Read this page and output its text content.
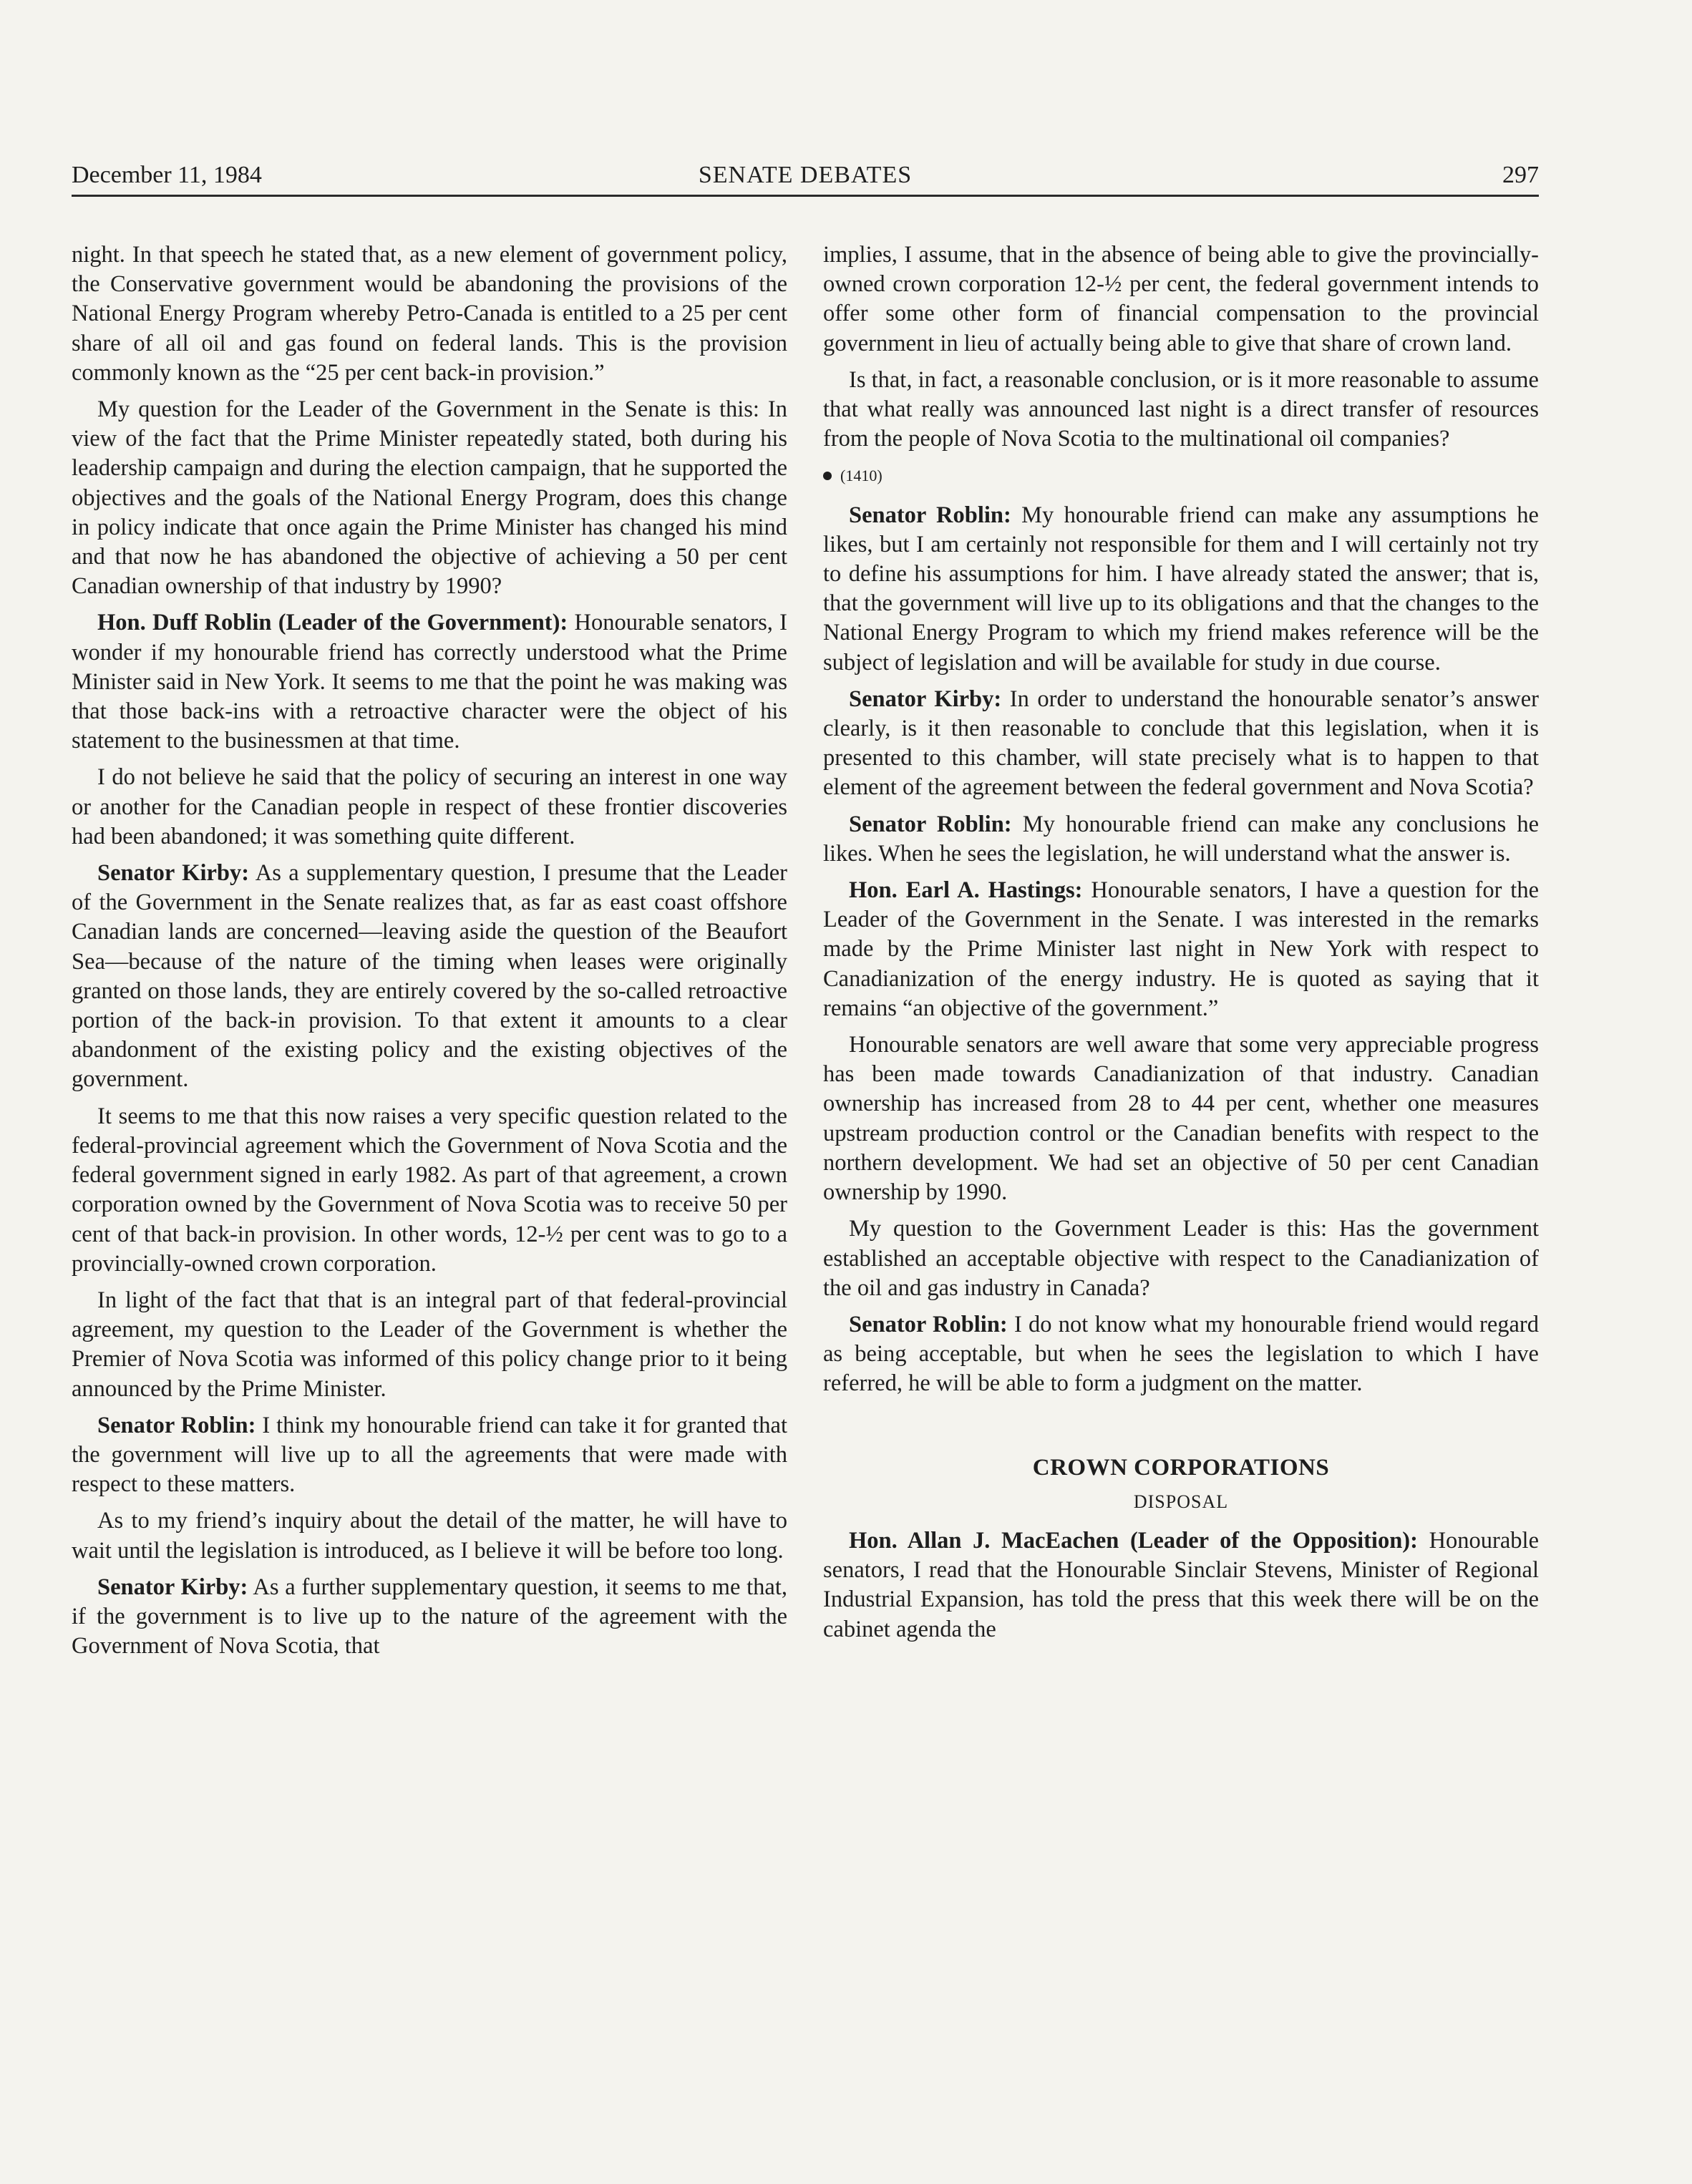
December 11, 1984	SENATE DEBATES	297

night. In that speech he stated that, as a new element of government policy, the Conservative government would be abandoning the provisions of the National Energy Program whereby Petro-Canada is entitled to a 25 per cent share of all oil and gas found on federal lands. This is the provision commonly known as the “25 per cent back-in provision.”

My question for the Leader of the Government in the Senate is this: In view of the fact that the Prime Minister repeatedly stated, both during his leadership campaign and during the election campaign, that he supported the objectives and the goals of the National Energy Program, does this change in policy indicate that once again the Prime Minister has changed his mind and that now he has abandoned the objective of achieving a 50 per cent Canadian ownership of that industry by 1990?

Hon. Duff Roblin (Leader of the Government): Honourable senators, I wonder if my honourable friend has correctly understood what the Prime Minister said in New York. It seems to me that the point he was making was that those back-ins with a retroactive character were the object of his statement to the businessmen at that time.

I do not believe he said that the policy of securing an interest in one way or another for the Canadian people in respect of these frontier discoveries had been abandoned; it was something quite different.

Senator Kirby: As a supplementary question, I presume that the Leader of the Government in the Senate realizes that, as far as east coast offshore Canadian lands are concerned—leaving aside the question of the Beaufort Sea—because of the nature of the timing when leases were originally granted on those lands, they are entirely covered by the so-called retroactive portion of the back-in provision. To that extent it amounts to a clear abandonment of the existing policy and the existing objectives of the government.

It seems to me that this now raises a very specific question related to the federal-provincial agreement which the Government of Nova Scotia and the federal government signed in early 1982. As part of that agreement, a crown corporation owned by the Government of Nova Scotia was to receive 50 per cent of that back-in provision. In other words, 12-½ per cent was to go to a provincially-owned crown corporation.

In light of the fact that that is an integral part of that federal-provincial agreement, my question to the Leader of the Government is whether the Premier of Nova Scotia was informed of this policy change prior to it being announced by the Prime Minister.

Senator Roblin: I think my honourable friend can take it for granted that the government will live up to all the agreements that were made with respect to these matters.

As to my friend’s inquiry about the detail of the matter, he will have to wait until the legislation is introduced, as I believe it will be before too long.

Senator Kirby: As a further supplementary question, it seems to me that, if the government is to live up to the nature of the agreement with the Government of Nova Scotia, that

implies, I assume, that in the absence of being able to give the provincially-owned crown corporation 12-½ per cent, the federal government intends to offer some other form of financial compensation to the provincial government in lieu of actually being able to give that share of crown land.

Is that, in fact, a reasonable conclusion, or is it more reasonable to assume that what really was announced last night is a direct transfer of resources from the people of Nova Scotia to the multinational oil companies?

(1410)

Senator Roblin: My honourable friend can make any assumptions he likes, but I am certainly not responsible for them and I will certainly not try to define his assumptions for him. I have already stated the answer; that is, that the government will live up to its obligations and that the changes to the National Energy Program to which my friend makes reference will be the subject of legislation and will be available for study in due course.

Senator Kirby: In order to understand the honourable senator’s answer clearly, is it then reasonable to conclude that this legislation, when it is presented to this chamber, will state precisely what is to happen to that element of the agreement between the federal government and Nova Scotia?

Senator Roblin: My honourable friend can make any conclusions he likes. When he sees the legislation, he will understand what the answer is.

Hon. Earl A. Hastings: Honourable senators, I have a question for the Leader of the Government in the Senate. I was interested in the remarks made by the Prime Minister last night in New York with respect to Canadianization of the energy industry. He is quoted as saying that it remains “an objective of the government.”

Honourable senators are well aware that some very appreciable progress has been made towards Canadianization of that industry. Canadian ownership has increased from 28 to 44 per cent, whether one measures upstream production control or the Canadian benefits with respect to the northern development. We had set an objective of 50 per cent Canadian ownership by 1990.

My question to the Government Leader is this: Has the government established an acceptable objective with respect to the Canadianization of the oil and gas industry in Canada?

Senator Roblin: I do not know what my honourable friend would regard as being acceptable, but when he sees the legislation to which I have referred, he will be able to form a judgment on the matter.

CROWN CORPORATIONS
DISPOSAL

Hon. Allan J. MacEachen (Leader of the Opposition): Honourable senators, I read that the Honourable Sinclair Stevens, Minister of Regional Industrial Expansion, has told the press that this week there will be on the cabinet agenda the
